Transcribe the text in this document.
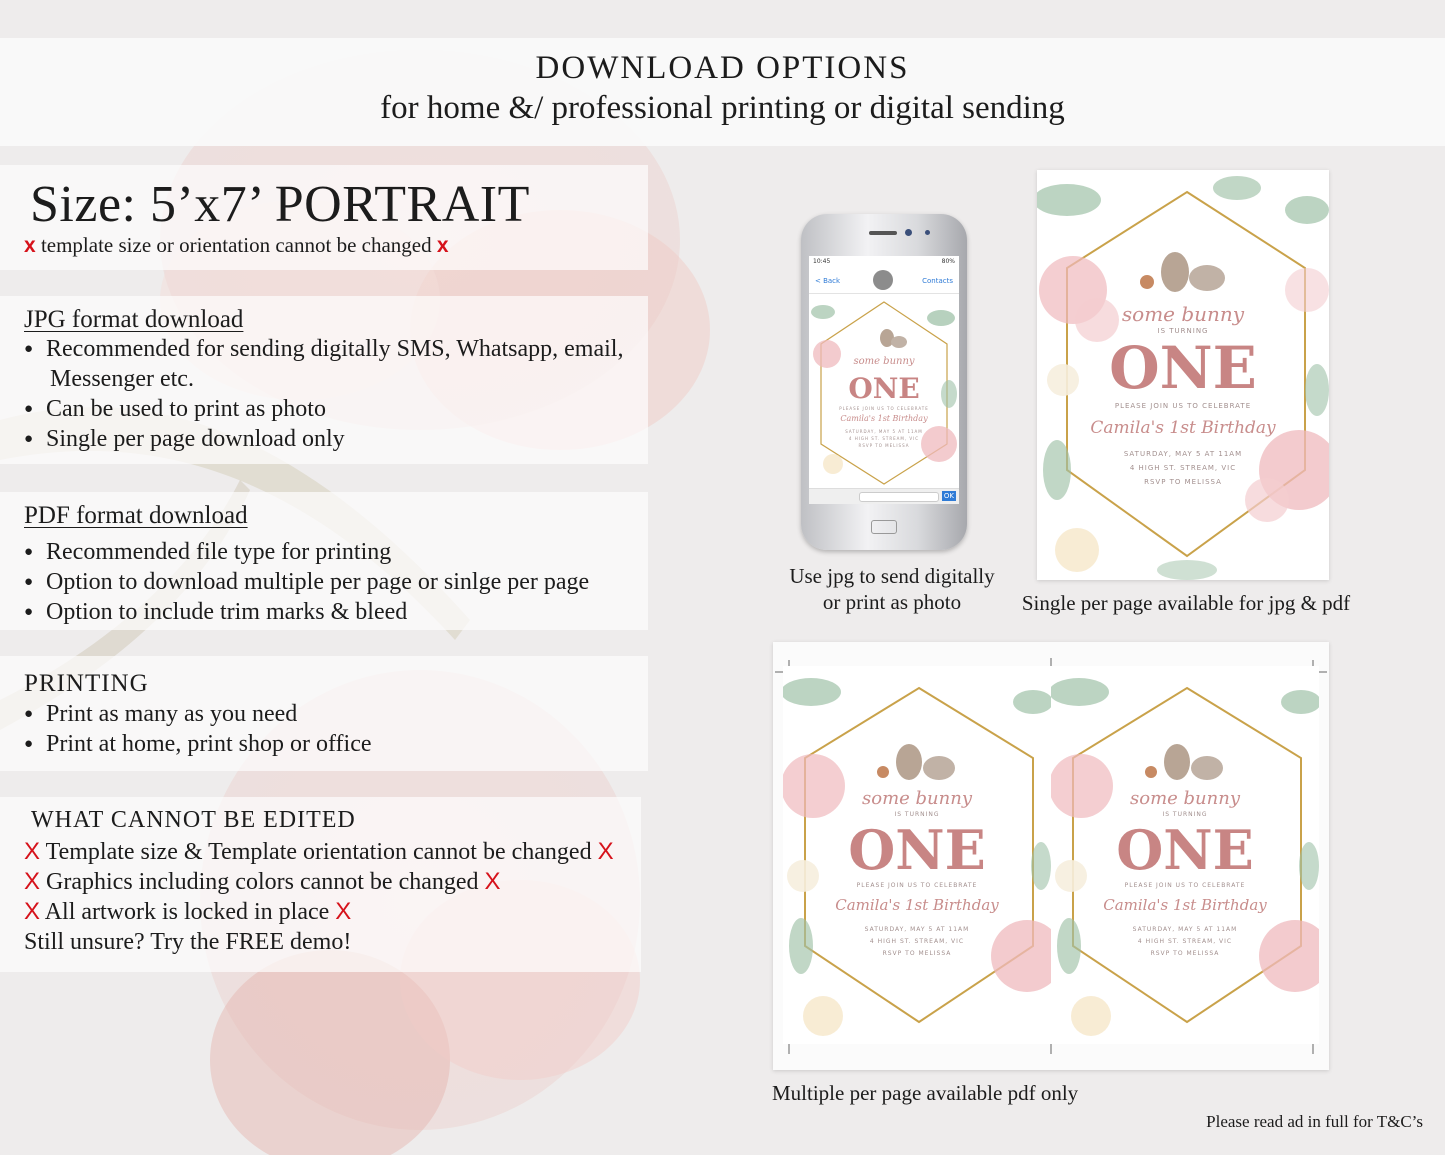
DOWNLOAD OPTIONS
for home &/ professional printing or digital sending
Size: 5’x7’ PORTRAIT
x template size or orientation cannot be changed x
JPG format download
● Recommended for sending digitally SMS, Whatsapp, email,
Messenger etc.
● Can be used to print as photo
● Single per page download only
PDF format download
● Recommended file type for printing
● Option to download multiple per page or sinlge per page
● Option to include trim marks & bleed
PRINTING
● Print as many as you need
● Print at home, print shop or office
WHAT CANNOT BE EDITED
X Template size & Template orientation cannot be changed X
X Graphics including colors cannot be changed X
X All artwork is locked in place X
Still unsure? Try the FREE demo!
10:45	80%
< Back	Contacts
some bunny
ONE
PLEASE JOIN US TO CELEBRATE
Camila's 1st Birthday
SATURDAY, MAY 5 AT 11AM
4 HIGH ST. STREAM, VIC
RSVP TO MELISSA
OK
some bunny
IS TURNING
ONE
PLEASE JOIN US TO CELEBRATE
Camila's 1st Birthday
SATURDAY, MAY 5 AT 11AM
4 HIGH ST. STREAM, VIC
RSVP TO MELISSA
some bunny
IS TURNING
ONE
PLEASE JOIN US TO CELEBRATE
Camila's 1st Birthday
SATURDAY, MAY 5 AT 11AM
4 HIGH ST. STREAM, VIC
RSVP TO MELISSA
some bunny
IS TURNING
ONE
PLEASE JOIN US TO CELEBRATE
Camila's 1st Birthday
SATURDAY, MAY 5 AT 11AM
4 HIGH ST. STREAM, VIC
RSVP TO MELISSA
Use jpg to send digitally
or print as photo	Single per page available for jpg & pdf
Multiple per page available pdf only
Please read ad in full for T&C’s
